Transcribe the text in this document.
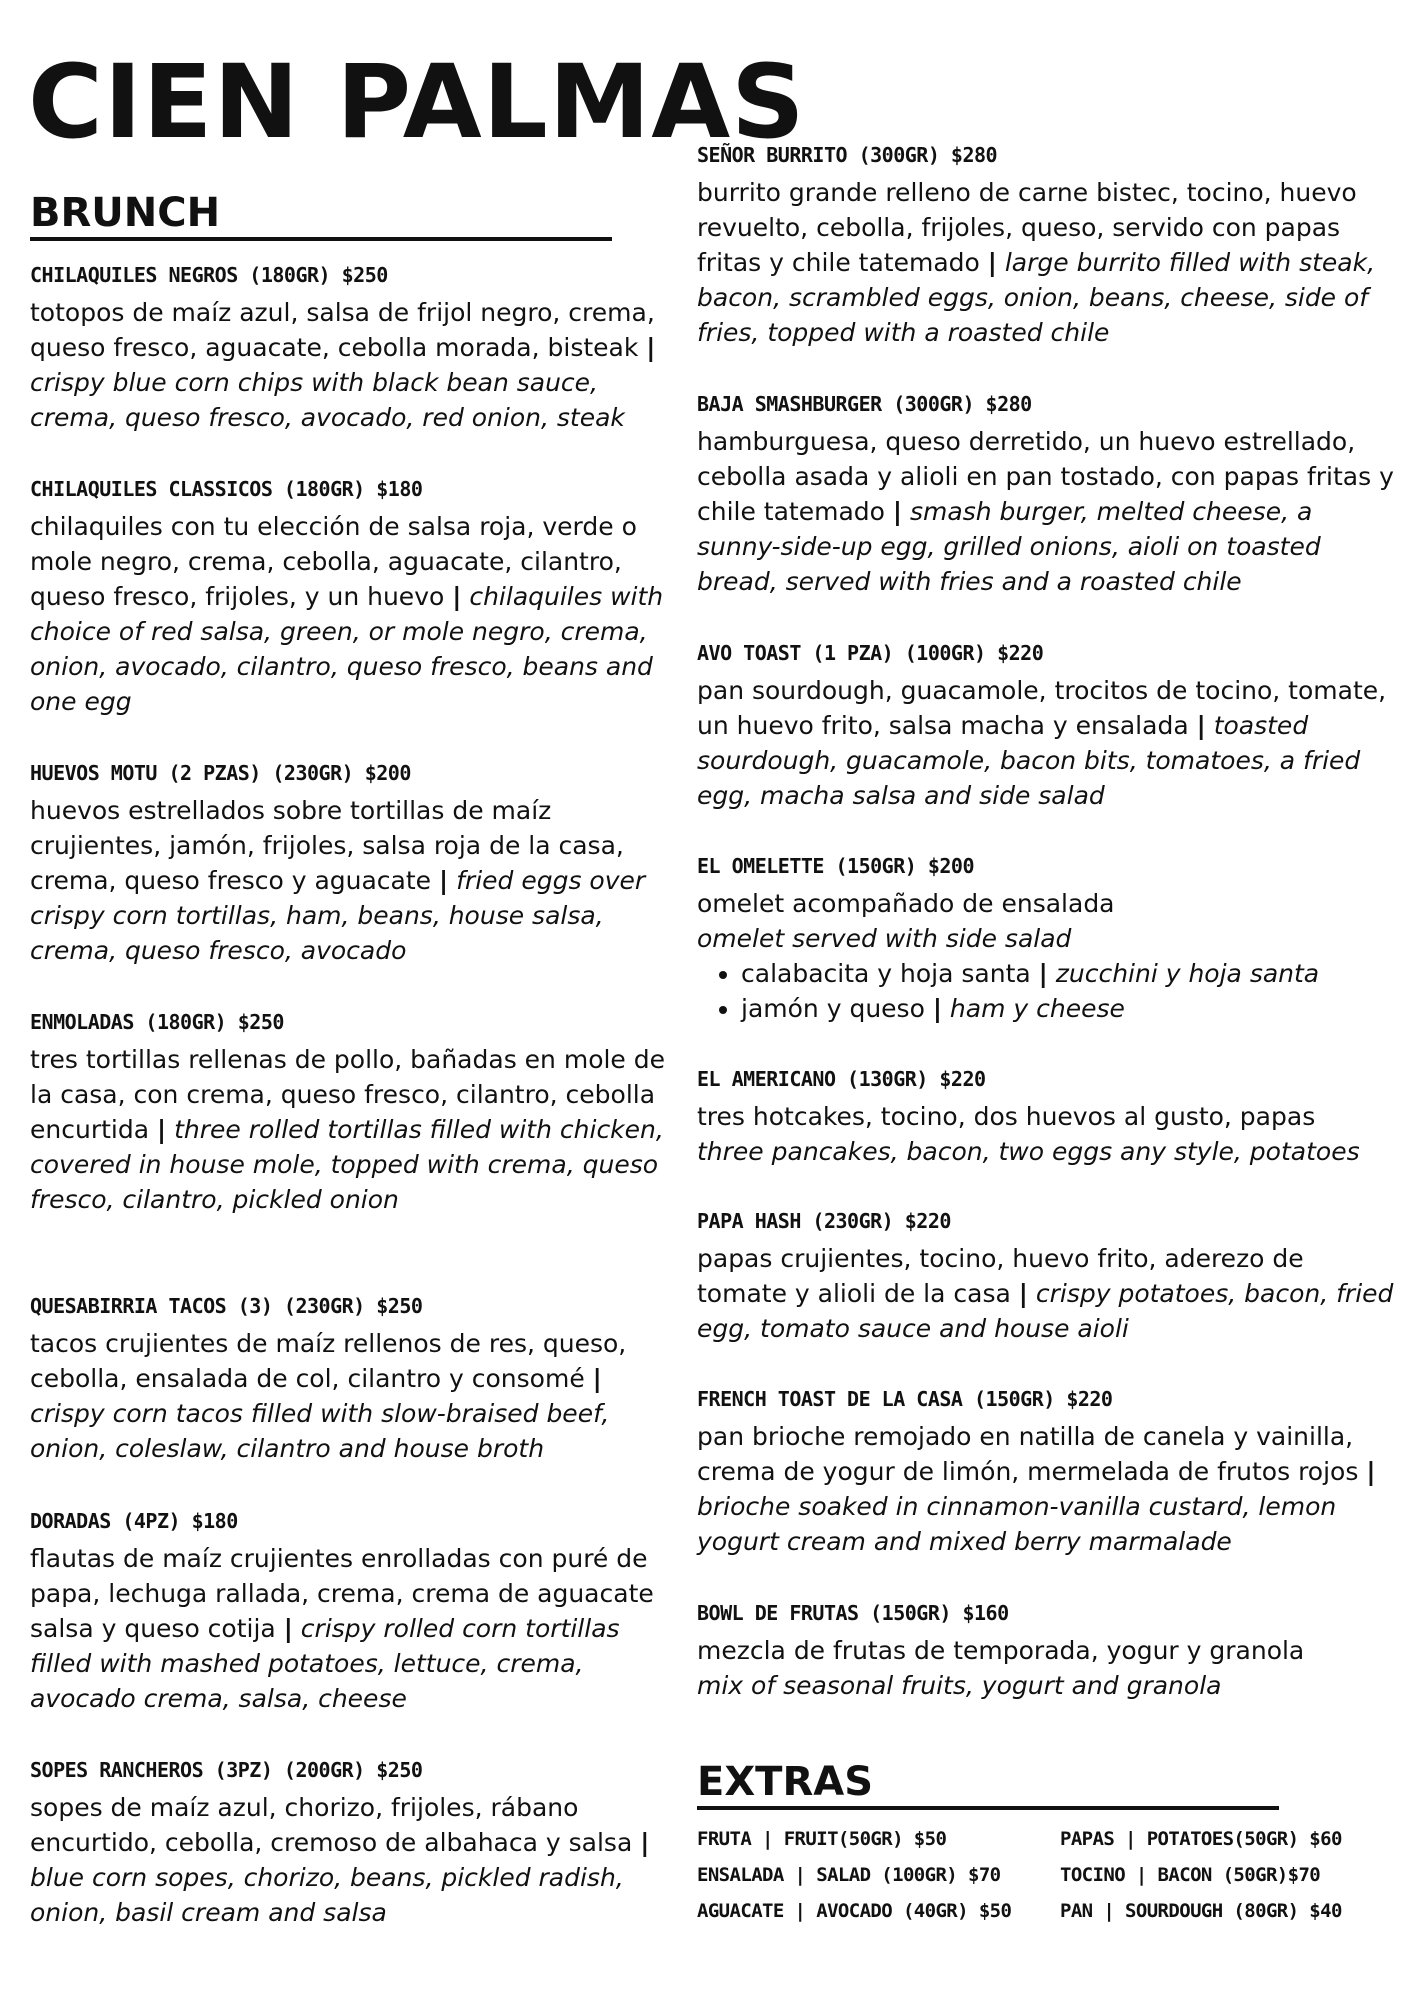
CIEN PALMAS
BRUNCH
CHILAQUILES NEGROS (180GR) $250
totopos de maíz azul, salsa de frijol negro, crema, queso fresco, aguacate, cebolla morada, bisteak | crispy blue corn chips with black bean sauce, crema, queso fresco, avocado, red onion, steak
CHILAQUILES CLASSICOS (180GR) $180
chilaquiles con tu elección de salsa roja, verde o mole negro, crema, cebolla, aguacate, cilantro, queso fresco, frijoles, y un huevo | chilaquiles with choice of red salsa, green, or mole negro, crema, onion, avocado, cilantro, queso fresco, beans and one egg
HUEVOS MOTU (2 PZAS) (230GR) $200
huevos estrellados sobre tortillas de maíz crujientes, jamón, frijoles, salsa roja de la casa, crema, queso fresco y aguacate | fried eggs over crispy corn tortillas, ham, beans, house salsa, crema, queso fresco, avocado
ENMOLADAS (180GR) $250
tres tortillas rellenas de pollo, bañadas en mole de la casa, con crema, queso fresco, cilantro, cebolla encurtida | three rolled tortillas filled with chicken, covered in house mole, topped with crema, queso fresco, cilantro, pickled onion
QUESABIRRIA TACOS (3) (230GR) $250
tacos crujientes de maíz rellenos de res, queso, cebolla, ensalada de col, cilantro y consomé | crispy corn tacos filled with slow-braised beef, onion, coleslaw, cilantro and house broth
DORADAS (4PZ) $180
flautas de maíz crujientes enrolladas con puré de papa, lechuga rallada, crema, crema de aguacate salsa y queso cotija | crispy rolled corn tortillas filled with mashed potatoes, lettuce, crema, avocado crema, salsa, cheese
SOPES RANCHEROS (3PZ) (200GR) $250
sopes de maíz azul, chorizo, frijoles, rábano encurtido, cebolla, cremoso de albahaca y salsa | blue corn sopes, chorizo, beans, pickled radish, onion, basil cream and salsa
SEÑOR BURRITO (300GR) $280
burrito grande relleno de carne bistec, tocino, huevo revuelto, cebolla, frijoles, queso, servido con papas fritas y chile tatemado | large burrito filled with steak, bacon, scrambled eggs, onion, beans, cheese, side of fries, topped with a roasted chile
BAJA SMASHBURGER (300GR) $280
hamburguesa, queso derretido, un huevo estrellado, cebolla asada y alioli en pan tostado, con papas fritas y chile tatemado | smash burger, melted cheese, a sunny-side-up egg, grilled onions, aioli on toasted bread, served with fries and a roasted chile
AVO TOAST (1 PZA) (100GR) $220
pan sourdough, guacamole, trocitos de tocino, tomate, un huevo frito, salsa macha y ensalada | toasted sourdough, guacamole, bacon bits, tomatoes, a fried egg, macha salsa and side salad
EL OMELETTE (150GR) $200
omelet acompañado de ensalada
omelet served with side salad
• calabacita y hoja santa | zucchini y hoja santa
• jamón y queso | ham y cheese
EL AMERICANO (130GR) $220
tres hotcakes, tocino, dos huevos al gusto, papas
three pancakes, bacon, two eggs any style, potatoes
PAPA HASH (230GR) $220
papas crujientes, tocino, huevo frito, aderezo de tomate y alioli de la casa | crispy potatoes, bacon, fried egg, tomato sauce and house aioli
FRENCH TOAST DE LA CASA (150GR) $220
pan brioche remojado en natilla de canela y vainilla, crema de yogur de limón, mermelada de frutos rojos | brioche soaked in cinnamon-vanilla custard, lemon yogurt cream and mixed berry marmalade
BOWL DE FRUTAS (150GR) $160
mezcla de frutas de temporada, yogur y granola
mix of seasonal fruits, yogurt and granola
EXTRAS
FRUTA | FRUIT(50GR) $50
ENSALADA | SALAD (100GR) $70
AGUACATE | AVOCADO (40GR) $50
PAPAS | POTATOES(50GR) $60
TOCINO | BACON (50GR)$70
PAN | SOURDOUGH (80GR) $40
